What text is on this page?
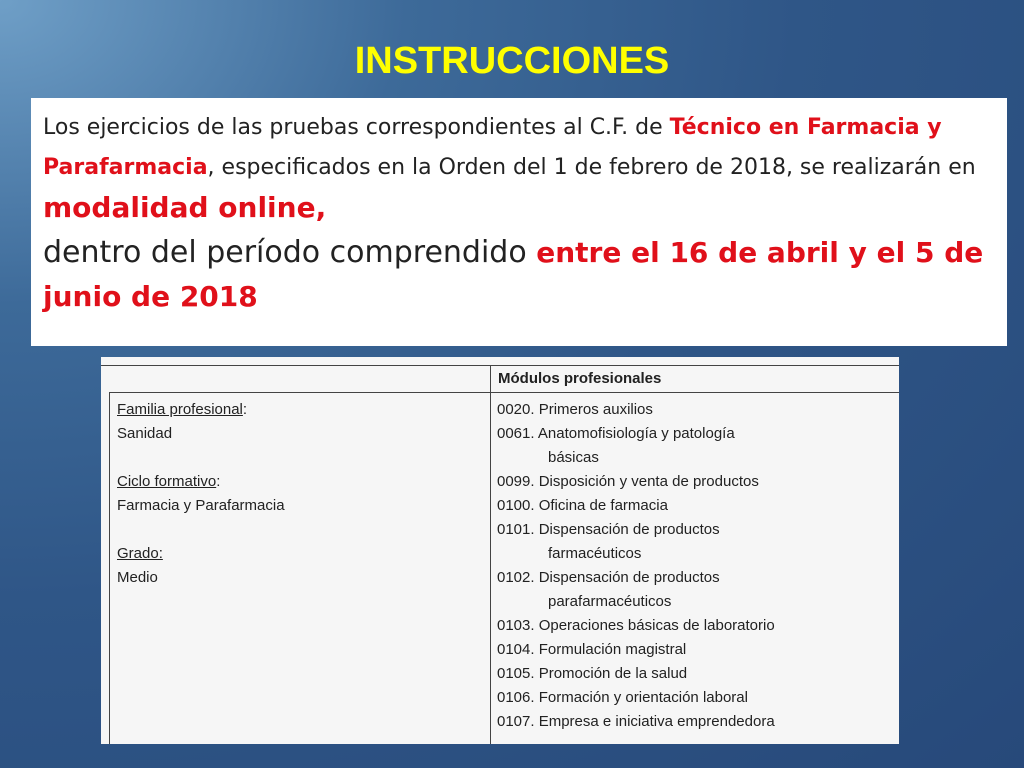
INSTRUCCIONES

Los ejercicios de las pruebas correspondientes al C.F. de Técnico en Farmacia y Parafarmacia, especificados en la Orden del 1 de febrero de 2018, se realizarán en modalidad online,

dentro del período comprendido entre el 16 de abril y el 5 de junio de 2018

Módulos profesionales
Familia profesional:
Sanidad
Ciclo formativo:
Farmacia y Parafarmacia
Grado:
Medio
0020. Primeros auxilios
0061. Anatomofisiología y patología
básicas
0099. Disposición y venta de productos
0100. Oficina de farmacia
0101. Dispensación de productos
farmacéuticos
0102. Dispensación de productos
parafarmacéuticos
0103. Operaciones básicas de laboratorio
0104. Formulación magistral
0105. Promoción de la salud
0106. Formación y orientación laboral
0107. Empresa e iniciativa emprendedora
